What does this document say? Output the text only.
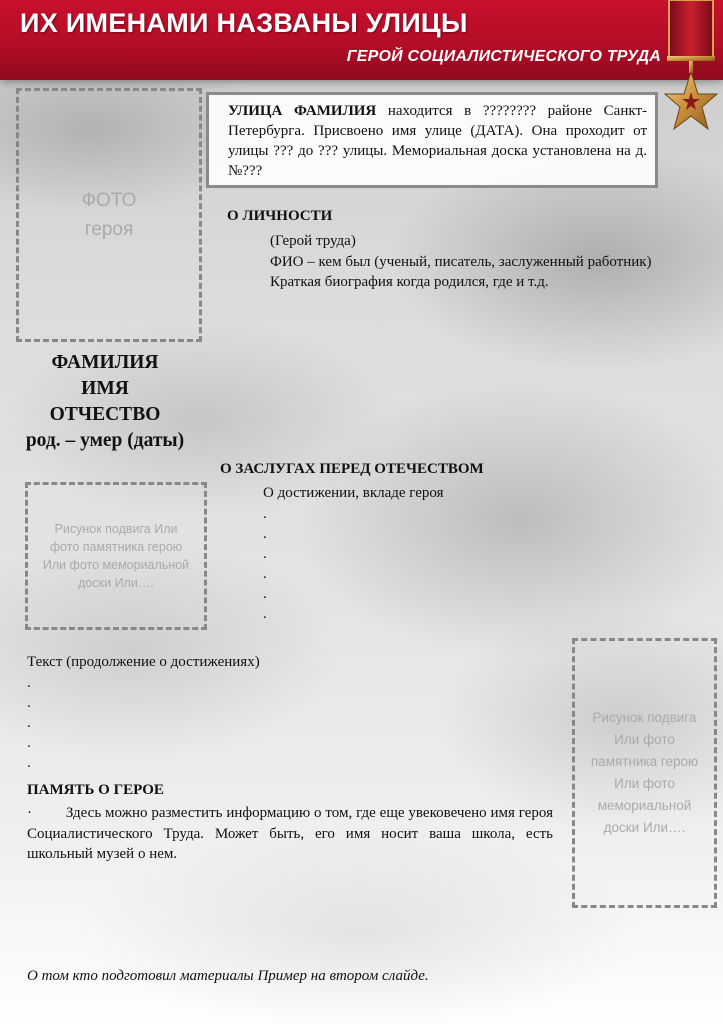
ИХ ИМЕНАМИ НАЗВАНЫ УЛИЦЫ
ГЕРОЙ СОЦИАЛИСТИЧЕСКОГО ТРУДА
ФОТО
героя
УЛИЦА ФАМИЛИЯ находится в ???????? районе Санкт-Петербурга. Присвоено имя улице (ДАТА). Она проходит от улицы ??? до ??? улицы. Мемориальная доска установлена на д. №???
О ЛИЧНОСТИ
(Герой труда)
ФИО – кем был (ученый, писатель, заслуженный работник)
Краткая биография когда родился, где и т.д.
ФАМИЛИЯ
ИМЯ
ОТЧЕСТВО
род. – умер (даты)
О ЗАСЛУГАХ ПЕРЕД ОТЕЧЕСТВОМ
О достижении, вкладе героя
.
.
.
.
.
.
Рисунок подвига Или
фото памятника герою
Или фото мемориальной
доски Или….
Текст (продолжение о достижениях)
.
.
.
.
.
Рисунок подвига
Или фото
памятника герою
Или фото
мемориальной
доски Или….
ПАМЯТЬ О ГЕРОЕ
· Здесь можно разместить информацию о том, где еще увековечено имя героя Социалистического Труда. Может быть, его имя носит ваша школа, есть школьный музей о нем.
О том кто подготовил материалы Пример на втором слайде.
